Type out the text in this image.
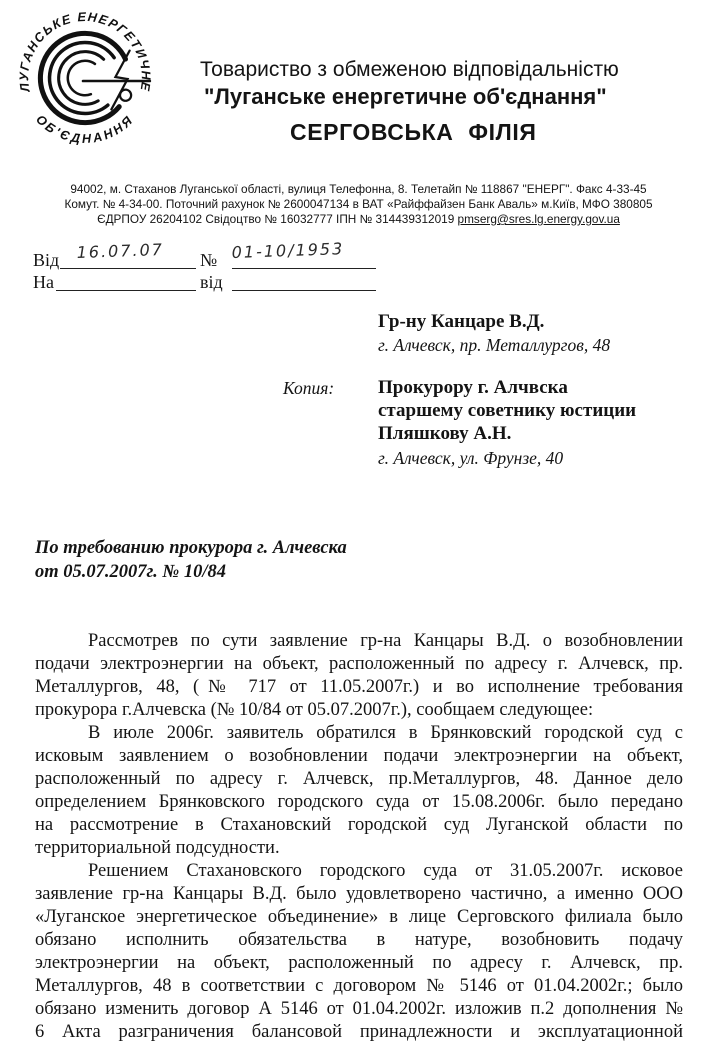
ЛУГАНСЬКЕ ЕНЕРГЕТИЧНЕ
ОБ'ЄДНАННЯ
Товариство з обмеженою відповідальністю
"Луганське енергетичне об'єднання"
СЕРГОВСЬКА ФІЛІЯ
94002, м. Стаханов Луганської області, вулиця Телефонна, 8. Телетайп № 118867 "ЕНЕРГ". Факс 4-33-45
Комут. № 4-34-00. Поточний рахунок № 2600047134 в ВАТ «Райффайзен Банк Аваль» м.Київ, МФО 380805
ЄДРПОУ 26204102 Свідоцтво № 16032777 ІПН № 314439312019 pmserg@sres.lg.energy.gov.ua
Від 16.07.07 № 01-10/1953
На	від
Гр-ну Канцаре В.Д.
г. Алчевск, пр. Металлургов, 48
Копия: Прокурору г. Алчвска
старшему советнику юстиции
Пляшкову А.Н.
г. Алчевск, ул. Фрунзе, 40
По требованию прокурора г. Алчевска
от 05.07.2007г. № 10/84
Рассмотрев по сути заявление гр-на Канцары В.Д. о возобновлении
подачи электроэнергии на объект, расположенный по адресу г. Алчевск, пр.
Металлургов, 48, (№ 717 от 11.05.2007г.) и во исполнение требования
прокурора г.Алчевска (№ 10/84 от 05.07.2007г.), сообщаем следующее:
В июле 2006г. заявитель обратился в Брянковский городской суд с
исковым заявлением о возобновлении подачи электроэнергии на объект,
расположенный по адресу г. Алчевск, пр.Металлургов, 48. Данное дело
определением Брянковского городского суда от 15.08.2006г. было передано
на рассмотрение в Стахановский городской суд Луганской области по
территориальной подсудности.
Решением Стахановского городского суда от 31.05.2007г. исковое
заявление гр-на Канцары В.Д. было удовлетворено частично, а именно ООО
«Луганское энергетическое объединение» в лице Серговского филиала было
обязано исполнить обязательства в натуре, возобновить подачу
электроэнергии на объект, расположенный по адресу г. Алчевск, пр.
Металлургов, 48 в соответствии с договором № 5146 от 01.04.2002г.; было
обязано изменить договор А 5146 от 01.04.2002г. изложив п.2 дополнения №
6 Акта разграничения балансовой принадлежности и эксплуатационной
